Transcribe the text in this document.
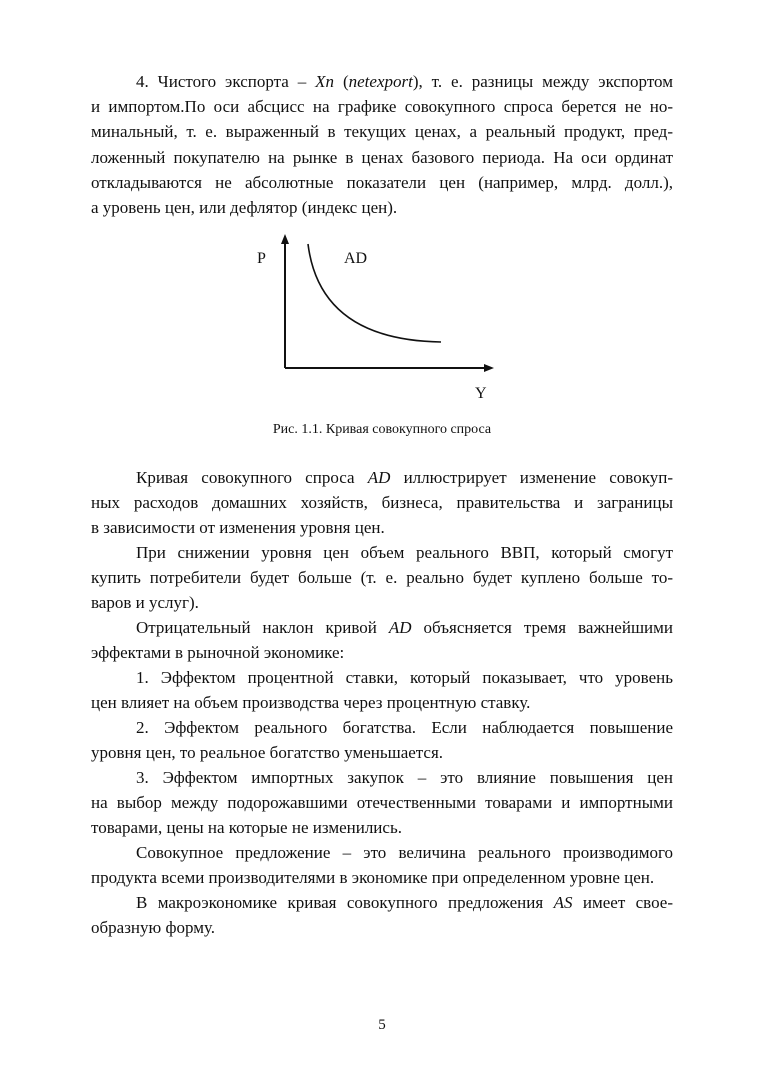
4. Чистого экспорта – Xn (netexport), т. е. разницы между экспортом

и импортом.По оси абсцисс на графике совокупного спроса берется не но-

минальный, т. е. выраженный в текущих ценах, а реальный продукт, пред-

ложенный покупателю на рынке в ценах базового периода. На оси ординат

откладываются не абсолютные показатели цен (например, млрд. долл.),

а уровень цен, или дефлятор (индекс цен).

P	AD
Y
Рис. 1.1. Кривая совокупного спроса

Кривая совокупного спроса AD иллюстрирует изменение совокуп-

ных расходов домашних хозяйств, бизнеса, правительства и заграницы

в зависимости от изменения уровня цен.

При снижении уровня цен объем реального ВВП, который смогут

купить потребители будет больше (т. е. реально будет куплено больше то-

варов и услуг).

Отрицательный наклон кривой AD объясняется тремя важнейшими

эффектами в рыночной экономике:

1. Эффектом процентной ставки, который показывает, что уровень

цен влияет на объем производства через процентную ставку.

2. Эффектом реального богатства. Если наблюдается повышение

уровня цен, то реальное богатство уменьшается.

3. Эффектом импортных закупок – это влияние повышения цен

на выбор между подорожавшими отечественными товарами и импортными

товарами, цены на которые не изменились.

Совокупное предложение – это величина реального производимого

продукта всеми производителями в экономике при определенном уровне цен.

В макроэкономике кривая совокупного предложения AS имеет свое-

образную форму.

5
